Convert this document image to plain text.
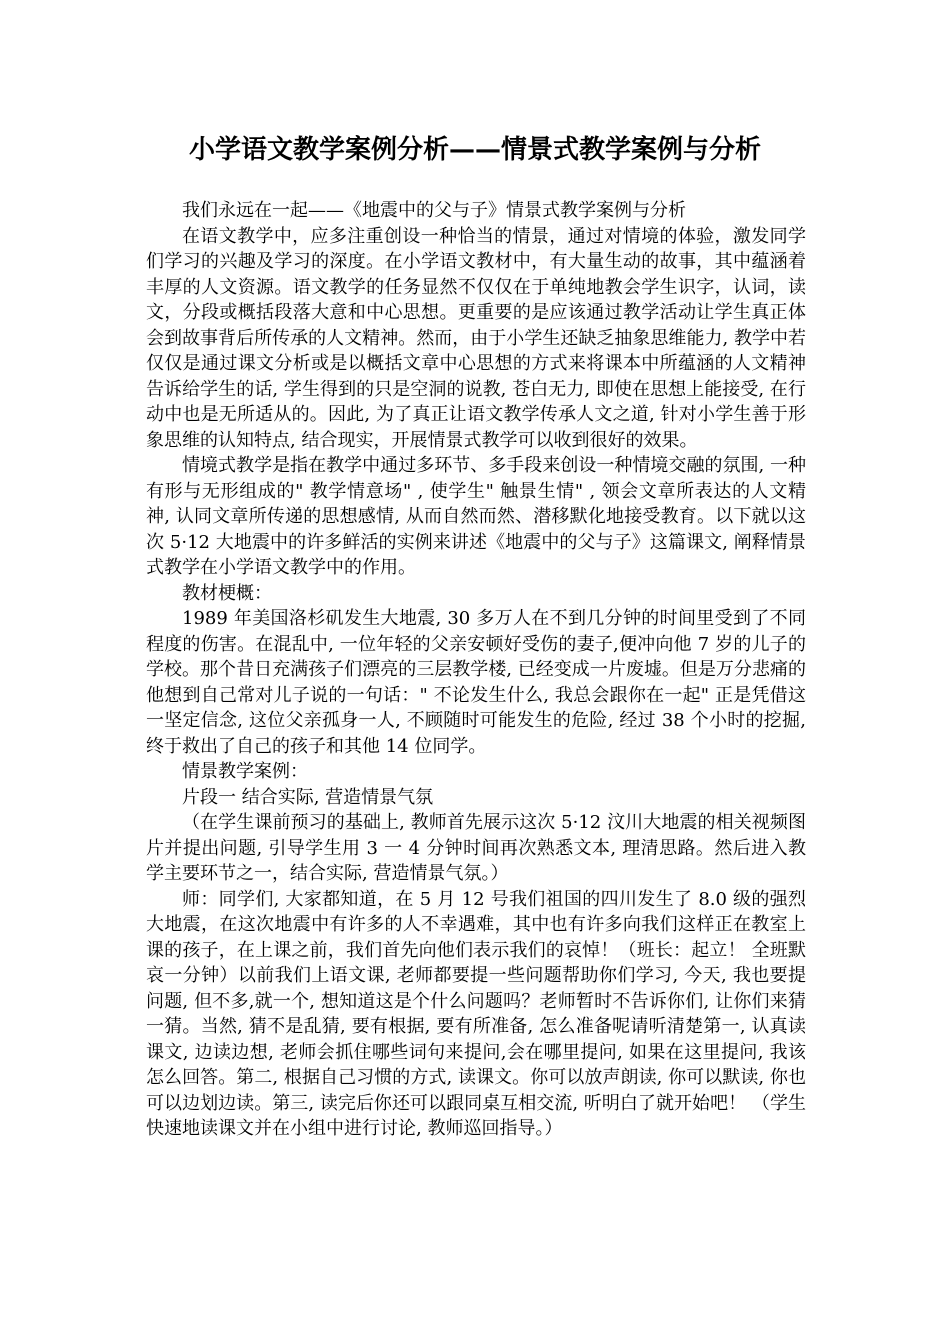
小学语文教学案例分析——情景式教学案例与分析

我们永远在一起——《地震中的父与子》情景式教学案例与分析

在语文教学中，应多注重创设一种恰当的情景，通过对情境的体验，激发同学们学习的兴趣及学习的深度。在小学语文教材中，有大量生动的故事，其中蕴涵着丰厚的人文资源。语文教学的任务显然不仅仅在于单纯地教会学生识字，认词，读文，分段或概括段落大意和中心思想。更重要的是应该通过教学活动让学生真正体会到故事背后所传承的人文精神。然而，由于小学生还缺乏抽象思维能力, 教学中若仅仅是通过课文分析或是以概括文章中心思想的方式来将课本中所蕴涵的人文精神告诉给学生的话, 学生得到的只是空洞的说教, 苍白无力, 即使在思想上能接受, 在行动中也是无所适从的。因此, 为了真正让语文教学传承人文之道, 针对小学生善于形象思维的认知特点, 结合现实，开展情景式教学可以收到很好的效果。

情境式教学是指在教学中通过多环节、多手段来创设一种情境交融的氛围, 一种有形与无形组成的" 教学情意场" , 使学生" 触景生情" , 领会文章所表达的人文精神, 认同文章所传递的思想感情, 从而自然而然、潜移默化地接受教育。以下就以这次 5·12 大地震中的许多鲜活的实例来讲述《地震中的父与子》这篇课文, 阐释情景式教学在小学语文教学中的作用。

教材梗概：

1989 年美国洛杉矶发生大地震, 30 多万人在不到几分钟的时间里受到了不同程度的伤害。在混乱中, 一位年轻的父亲安顿好受伤的妻子,便冲向他 7 岁的儿子的学校。那个昔日充满孩子们漂亮的三层教学楼, 已经变成一片废墟。但是万分悲痛的他想到自己常对儿子说的一句话：" 不论发生什么, 我总会跟你在一起" 正是凭借这一坚定信念, 这位父亲孤身一人, 不顾随时可能发生的危险, 经过 38 个小时的挖掘, 终于救出了自己的孩子和其他 14 位同学。

情景教学案例：

片段一 结合实际, 营造情景气氛

（在学生课前预习的基础上, 教师首先展示这次 5·12 汶川大地震的相关视频图片并提出问题, 引导学生用 3 一 4 分钟时间再次熟悉文本, 理清思路。然后进入教学主要环节之一，结合实际, 营造情景气氛。）

师：同学们, 大家都知道，在 5 月 12 号我们祖国的四川发生了 8.0 级的强烈大地震，在这次地震中有许多的人不幸遇难，其中也有许多向我们这样正在教室上课的孩子，在上课之前，我们首先向他们表示我们的哀悼！（班长：起立！ 全班默哀一分钟）以前我们上语文课, 老师都要提一些问题帮助你们学习, 今天, 我也要提问题, 但不多,就一个, 想知道这是个什么问题吗？老师暂时不告诉你们, 让你们来猜一猜。当然, 猜不是乱猜, 要有根据, 要有所准备, 怎么准备呢请听清楚第一, 认真读课文, 边读边想, 老师会抓住哪些词句来提问,会在哪里提问, 如果在这里提问, 我该怎么回答。第二, 根据自己习惯的方式, 读课文。你可以放声朗读, 你可以默读, 你也可以边划边读。第三, 读完后你还可以跟同桌互相交流, 听明白了就开始吧！ （学生快速地读课文并在小组中进行讨论, 教师巡回指导。）
